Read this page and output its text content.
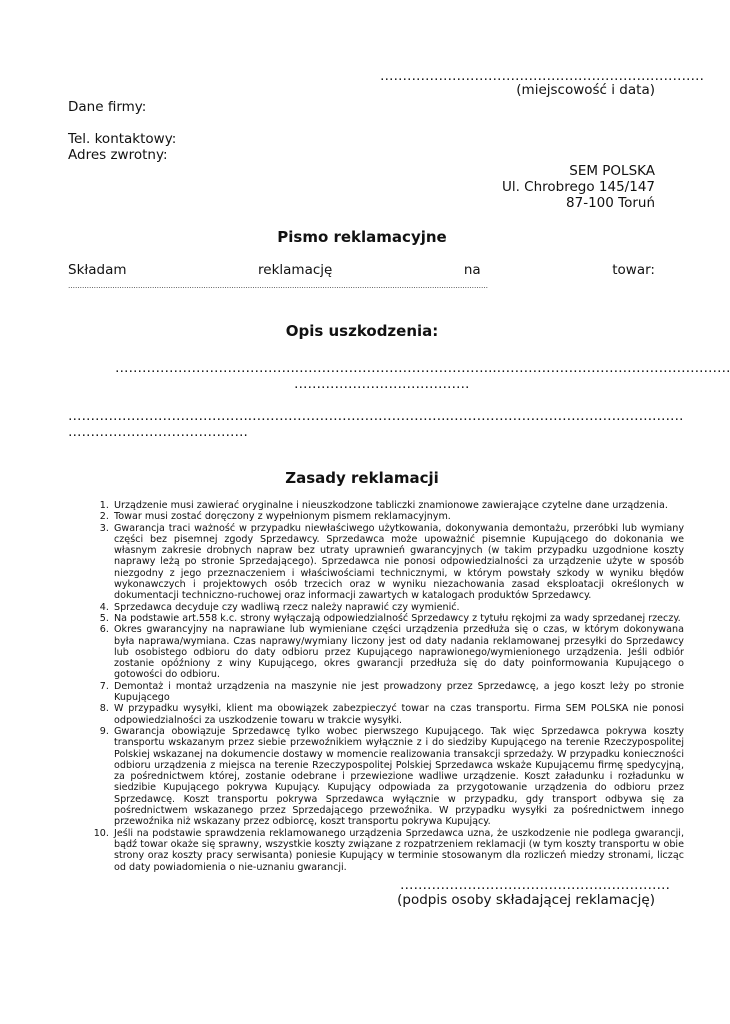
………………………………………………………………
(miejscowość i data)
Dane firmy:
Tel. kontaktowy:
Adres zwrotny:
SEM POLSKA
Ul. Chrobrego 145/147
87-100 Toruń
Pismo reklamacyjne
Składam	reklamację	na	towar:
………………………………………………………………………………………………………………………………………………………………
Opis uszkodzenia:
…………………………………..……………………………………..……………………………………….……
…………………………………
…………………………………..……………………………………..……………………………………….……
………………………………….
Zasady reklamacji
1. Urządzenie musi zawierać oryginalne i nieuszkodzone tabliczki znamionowe zawierające czytelne dane urządzenia.
2. Towar musi zostać doręczony z wypełnionym pismem reklamacyjnym.
3. Gwarancja traci ważność w przypadku niewłaściwego użytkowania, dokonywania demontażu, przeróbki lub wymiany części bez pisemnej zgody Sprzedawcy. Sprzedawca może upoważnić pisemnie Kupującego do dokonania we własnym zakresie drobnych napraw bez utraty uprawnień gwarancyjnych (w takim przypadku uzgodnione koszty naprawy leżą po stronie Sprzedającego). Sprzedawca nie ponosi odpowiedzialności za urządzenie użyte w sposób niezgodny z jego przeznaczeniem i właściwościami technicznymi, w którym powstały szkody w wyniku błędów wykonawczych i projektowych osób trzecich oraz w wyniku niezachowania zasad eksploatacji określonych w dokumentacji techniczno-ruchowej oraz informacji zawartych w katalogach produktów Sprzedawcy.
4. Sprzedawca decyduje czy wadliwą rzecz należy naprawić czy wymienić.
5. Na podstawie art.558 k.c. strony wyłączają odpowiedzialność Sprzedawcy z tytułu rękojmi za wady sprzedanej rzeczy.
6. Okres gwarancyjny na naprawiane lub wymieniane części urządzenia przedłuża się o czas, w którym dokonywana była naprawa/wymiana. Czas naprawy/wymiany liczony jest od daty nadania reklamowanej przesyłki do Sprzedawcy lub osobistego odbioru do daty odbioru przez Kupującego naprawionego/wymienionego urządzenia. Jeśli odbiór zostanie opóźniony z winy Kupującego, okres gwarancji przedłuża się do daty poinformowania Kupującego o gotowości do odbioru.
7. Demontaż i montaż urządzenia na maszynie nie jest prowadzony przez Sprzedawcę, a jego koszt leży po stronie Kupującego
8. W przypadku wysyłki, klient ma obowiązek zabezpieczyć towar na czas transportu. Firma SEM POLSKA nie ponosi odpowiedzialności za uszkodzenie towaru w trakcie wysyłki.
9. Gwarancja obowiązuje Sprzedawcę tylko wobec pierwszego Kupującego. Tak więc Sprzedawca pokrywa koszty transportu wskazanym przez siebie przewoźnikiem wyłącznie z i do siedziby Kupującego na terenie Rzeczypospolitej Polskiej wskazanej na dokumencie dostawy w momencie realizowania transakcji sprzedaży. W przypadku konieczności odbioru urządzenia z miejsca na terenie Rzeczypospolitej Polskiej Sprzedawca wskaże Kupującemu firmę spedycyjną, za pośrednictwem której, zostanie odebrane i przewiezione wadliwe urządzenie. Koszt załadunku i rozładunku w siedzibie Kupującego pokrywa Kupujący. Kupujący odpowiada za przygotowanie urządzenia do odbioru przez Sprzedawcę. Koszt transportu pokrywa Sprzedawca wyłącznie w przypadku, gdy transport odbywa się za pośrednictwem wskazanego przez Sprzedającego przewoźnika. W przypadku wysyłki za pośrednictwem innego przewoźnika niż wskazany przez odbiorcę, koszt transportu pokrywa Kupujący.
10. Jeśli na podstawie sprawdzenia reklamowanego urządzenia Sprzedawca uzna, że uszkodzenie nie podlega gwarancji, bądź towar okaże się sprawny, wszystkie koszty związane z rozpatrzeniem reklamacji (w tym koszty transportu w obie strony oraz koszty pracy serwisanta) poniesie Kupujący w terminie stosowanym dla rozliczeń miedzy stronami, licząc od daty powiadomienia o nie-uznaniu gwarancji.
……………………………………………………
(podpis osoby składającej reklamację)
